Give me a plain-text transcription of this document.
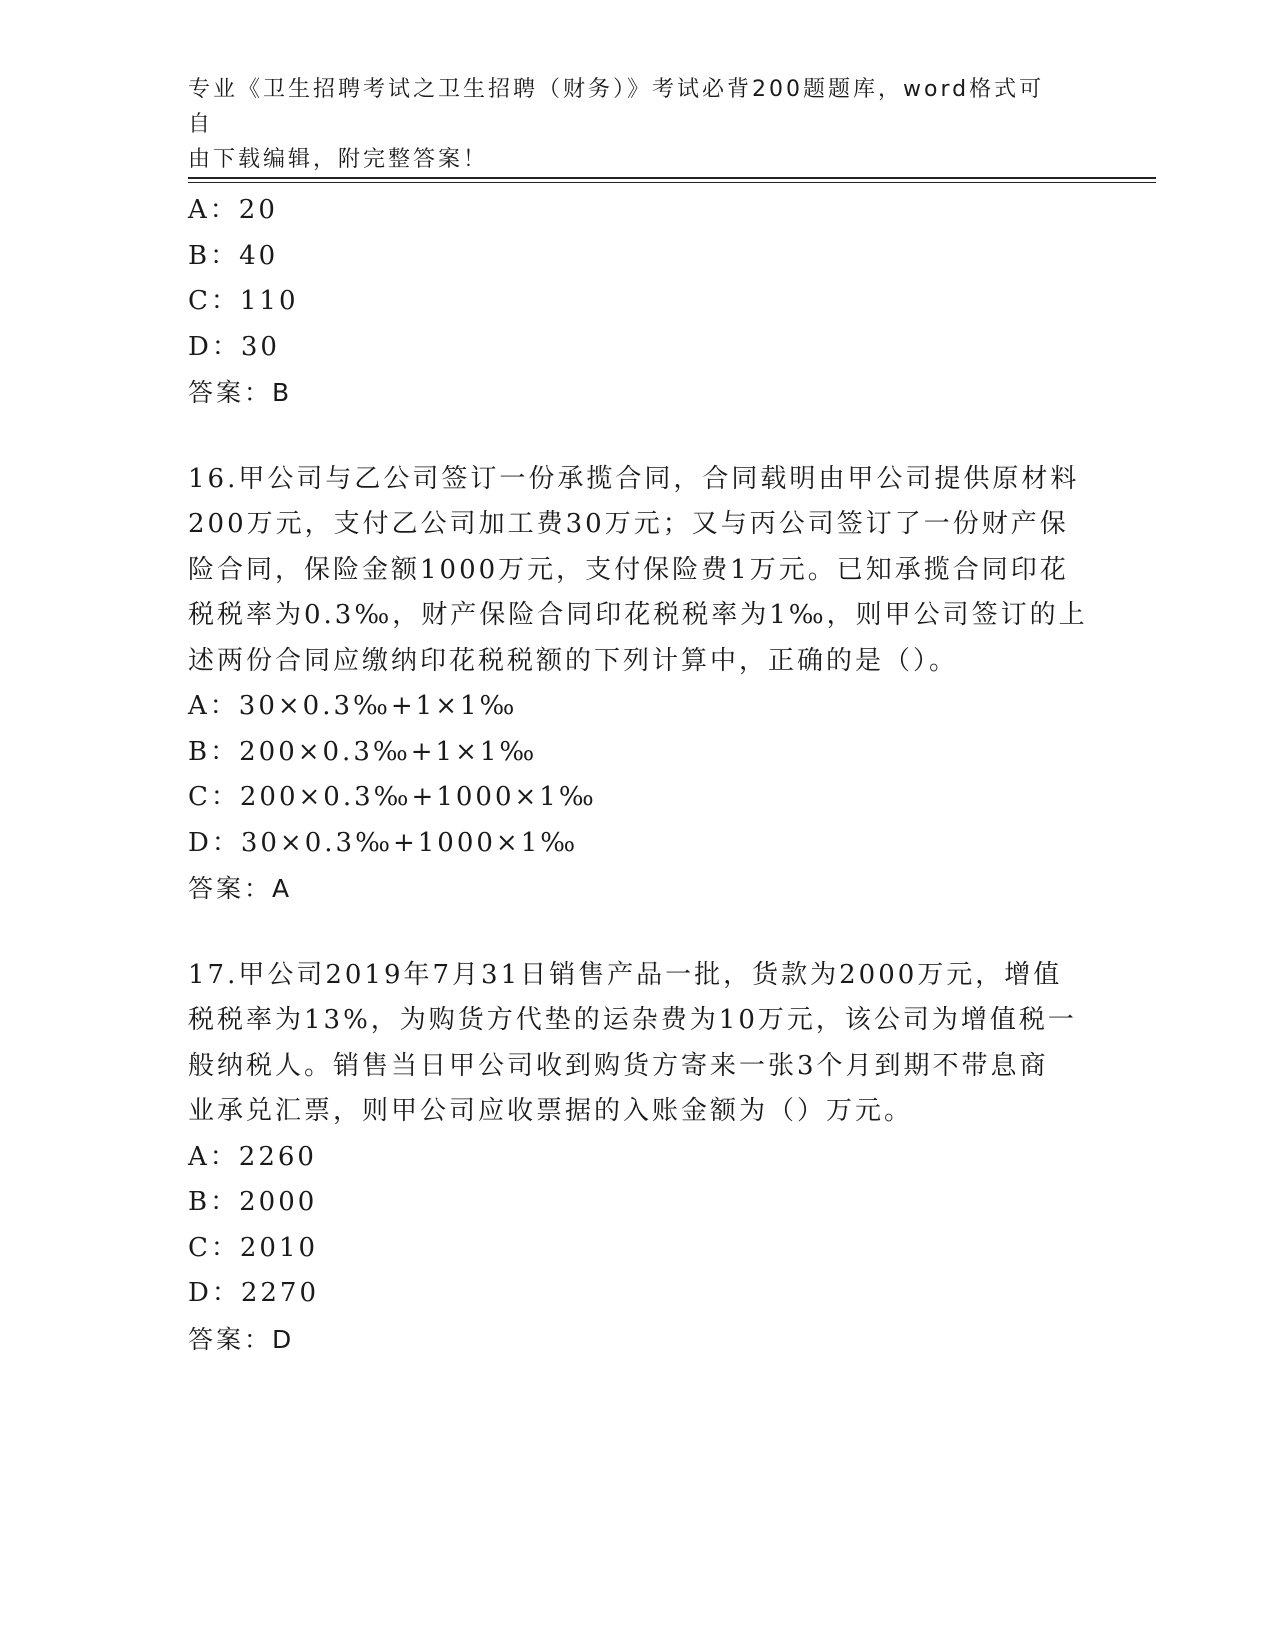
专业《卫生招聘考试之卫生招聘（财务）》考试必背200题题库，word格式可自
由下载编辑，附完整答案！
A：20
B：40
C：110
D：30
答案：B
16.甲公司与乙公司签订一份承揽合同，合同载明由甲公司提供原材料
200万元，支付乙公司加工费30万元；又与丙公司签订了一份财产保
险合同，保险金额1000万元，支付保险费1万元。已知承揽合同印花
税税率为0.3‰，财产保险合同印花税税率为1‰，则甲公司签订的上
述两份合同应缴纳印花税税额的下列计算中，正确的是（）。
A：30×0.3‰+1×1‰
B：200×0.3‰+1×1‰
C：200×0.3‰+1000×1‰
D：30×0.3‰+1000×1‰
答案：A
17.甲公司2019年7月31日销售产品一批，货款为2000万元，增值
税税率为13%，为购货方代垫的运杂费为10万元，该公司为增值税一
般纳税人。销售当日甲公司收到购货方寄来一张3个月到期不带息商
业承兑汇票，则甲公司应收票据的入账金额为（）万元。
A：2260
B：2000
C：2010
D：2270
答案：D
